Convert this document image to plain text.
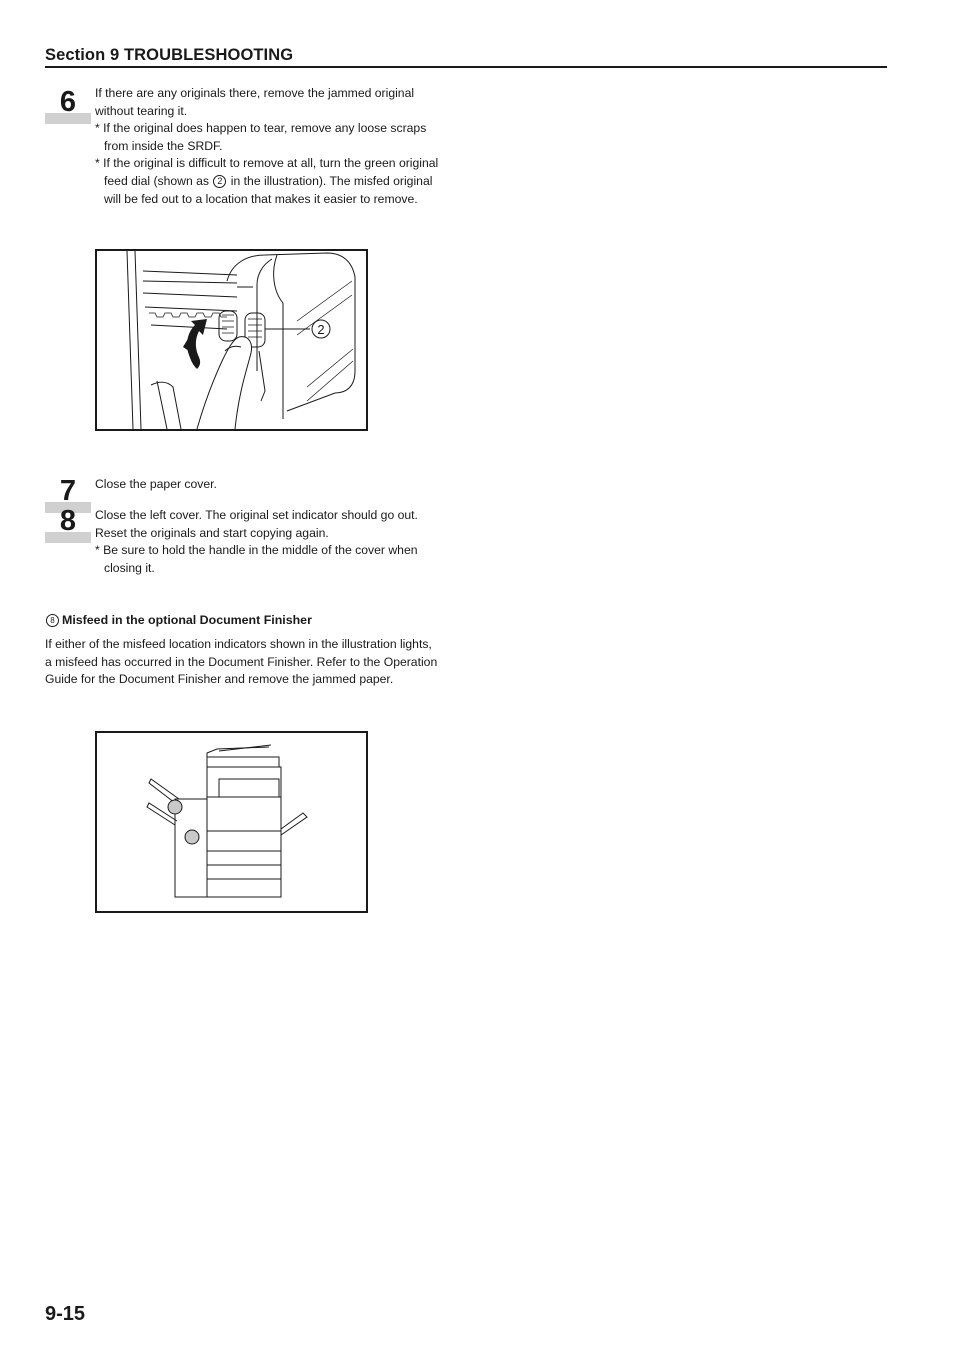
Section 9 TROUBLESHOOTING
6	If there are any originals there, remove the jammed original without tearing it.
* If the original does happen to tear, remove any loose scraps from inside the SRDF.
* If the original is difficult to remove at all, turn the green original feed dial (shown as 2 in the illustration). The misfed original will be fed out to a location that makes it easier to remove.
2
7	Close the paper cover.
8	Close the left cover. The original set indicator should go out. Reset the originals and start copying again.
* Be sure to hold the handle in the middle of the cover when closing it.
8 Misfeed in the optional Document Finisher
If either of the misfeed location indicators shown in the illustration lights, a misfeed has occurred in the Document Finisher. Refer to the Operation Guide for the Document Finisher and remove the jammed paper.
9-15
